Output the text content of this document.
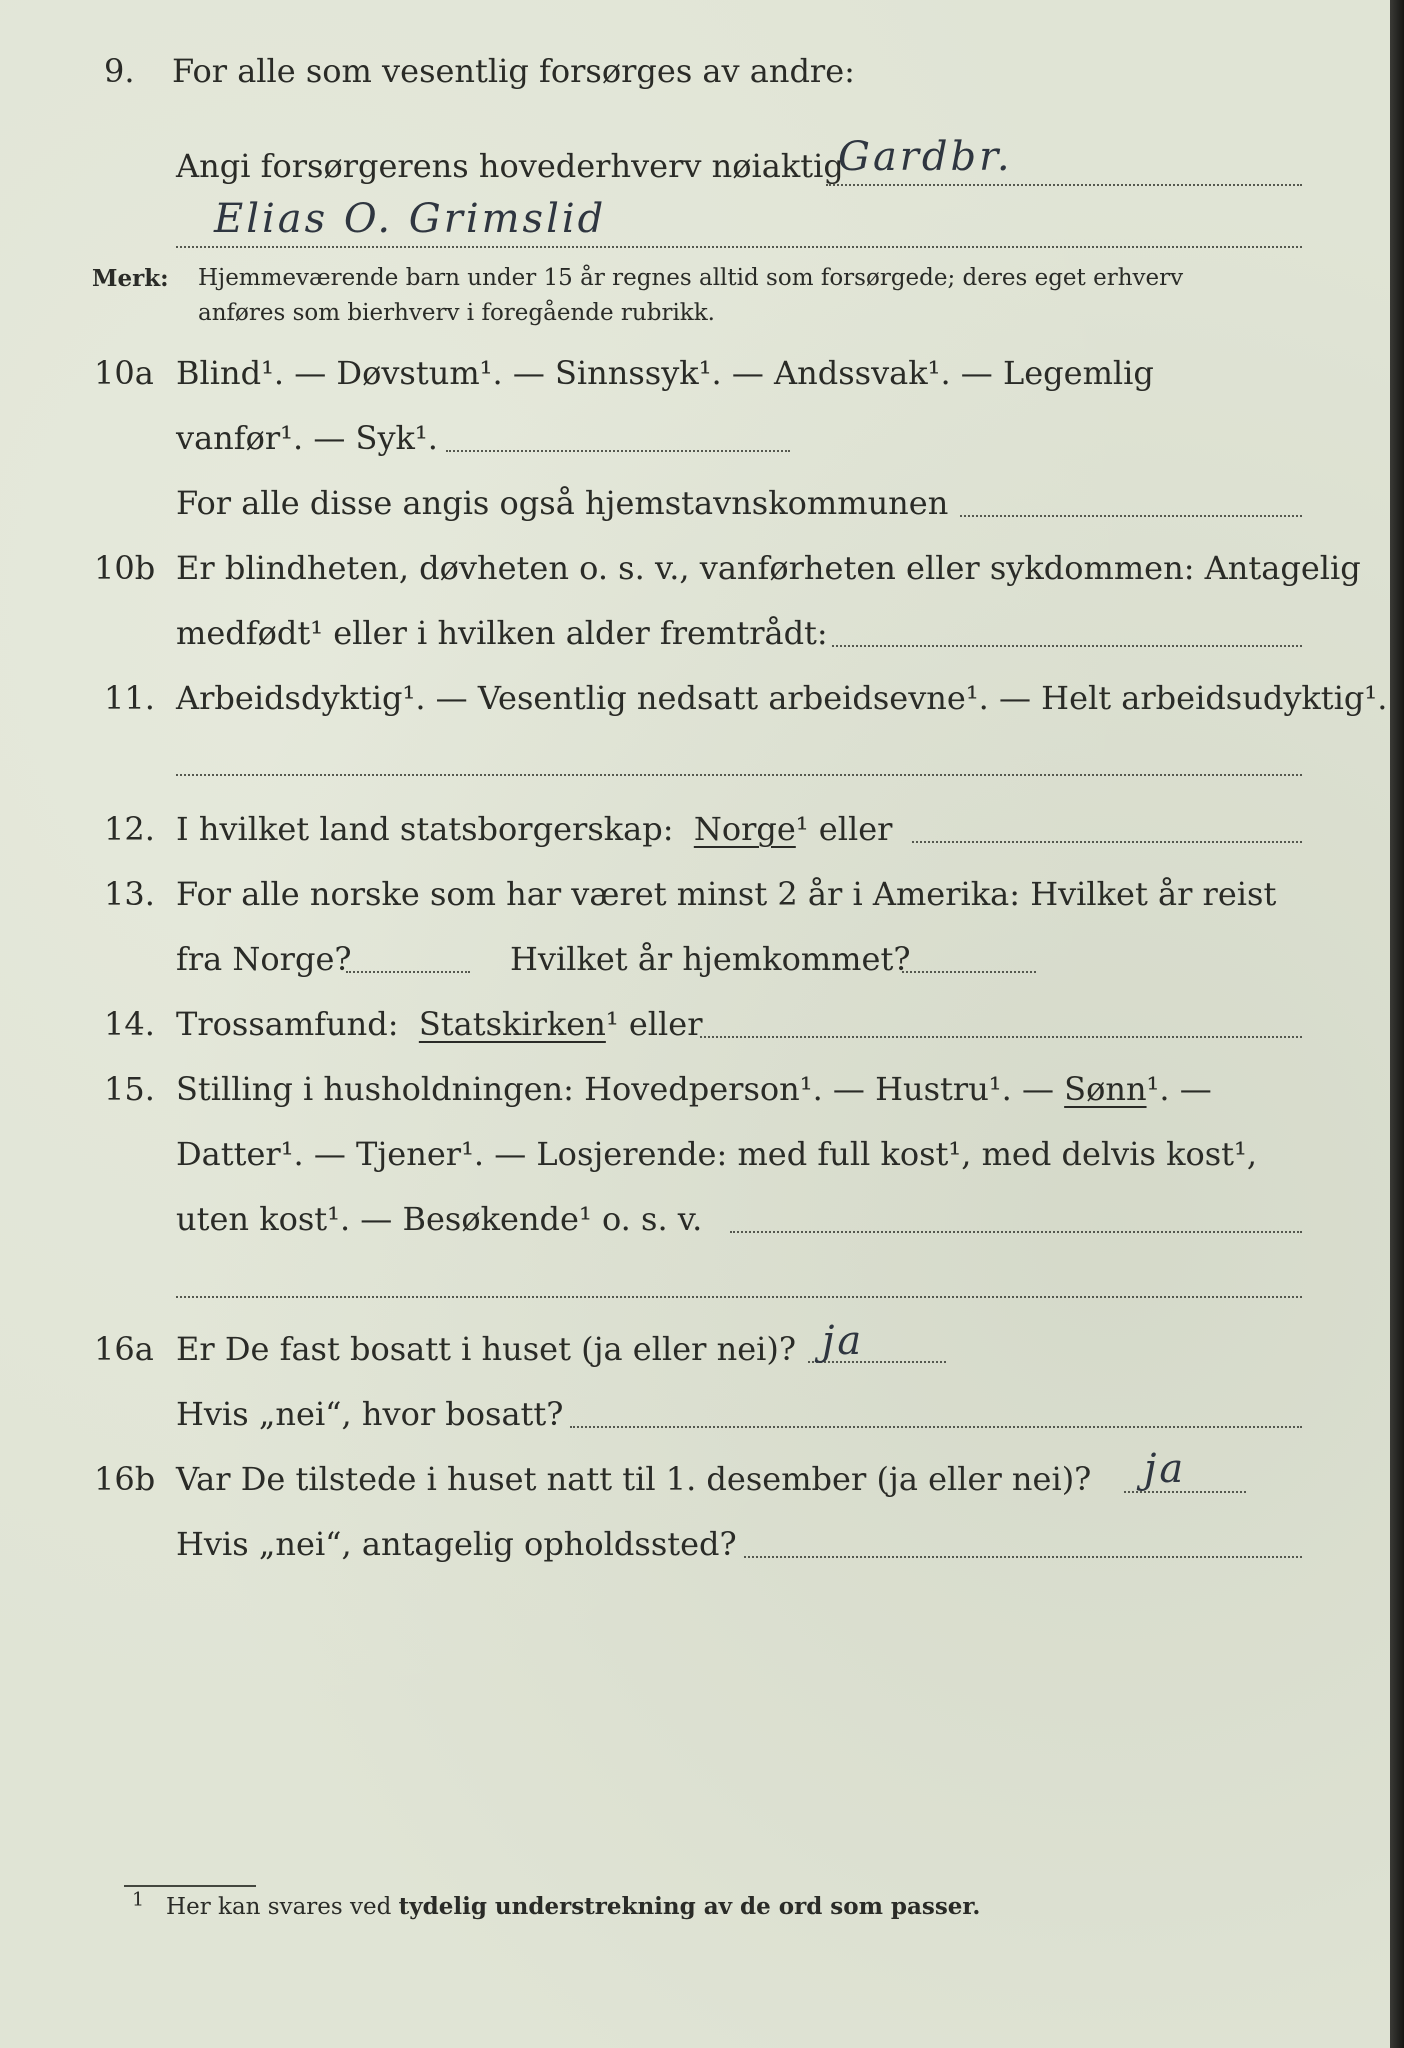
9.	For alle som vesentlig forsørges av andre:
Angi forsørgerens hovederhverv nøiaktig
Gardbr.
Elias O. Grimslid
Merk: Hjemmeværende barn under 15 år regnes alltid som forsørgede; deres eget erhverv
anføres som bierhverv i foregående rubrikk.
10a Blind¹. — Døvstum¹. — Sinnssyk¹. — Andssvak¹. — Legemlig
vanfør¹. — Syk¹.
For alle disse angis også hjemstavnskommunen
10b Er blindheten, døvheten o. s. v., vanførheten eller sykdommen: Antagelig
medfødt¹ eller i hvilken alder fremtrådt:
11. Arbeidsdyktig¹. — Vesentlig nedsatt arbeidsevne¹. — Helt arbeidsudyktig¹.
12. I hvilket land statsborgerskap: Norge¹ eller
13. For alle norske som har været minst 2 år i Amerika: Hvilket år reist
fra Norge?	Hvilket år hjemkommet?
14. Trossamfund: Statskirken¹ eller
15. Stilling i husholdningen: Hovedperson¹. — Hustru¹. — Sønn¹. —
Datter¹. — Tjener¹. — Losjerende: med full kost¹, med delvis kost¹,
uten kost¹. — Besøkende¹ o. s. v.
16a Er De fast bosatt i huset (ja eller nei)? ja
Hvis „nei“, hvor bosatt?
16b Var De tilstede i huset natt til 1. desember (ja eller nei)? ja
Hvis „nei“, antagelig opholdssted?
$^1$ Her kan svares ved tydelig understrekning av de ord som passer.
